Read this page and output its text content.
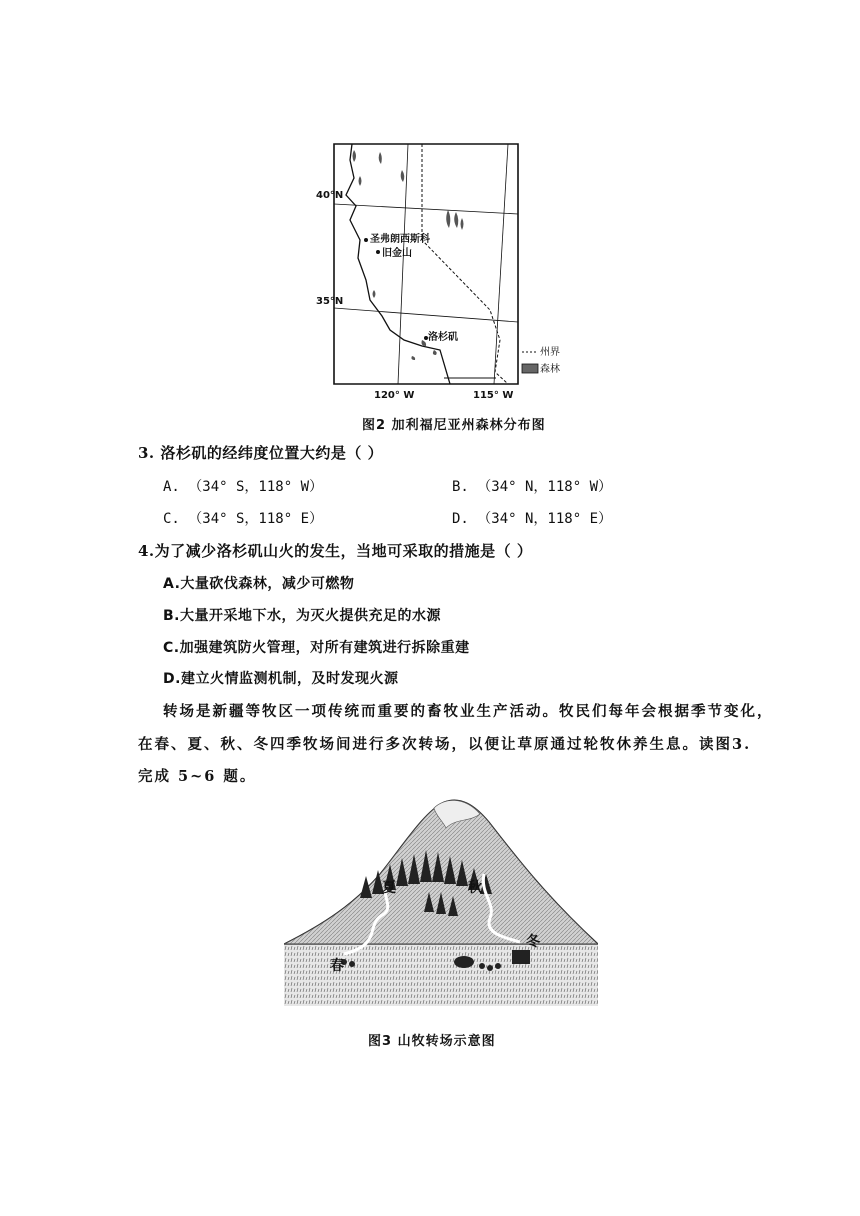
40°N
35°N
120° W	115° W
圣弗朗西斯科
旧金山
洛杉矶
州界
森林
图2 加利福尼亚州森林分布图
3. 洛杉矶的经纬度位置大约是（ ）
A. （34° S，118° W）	B. （34° N，118° W）
C. （34° S，118° E）	D. （34° N，118° E）
4.为了减少洛杉矶山火的发生，当地可采取的措施是（ ）
A.大量砍伐森林，减少可燃物
B.大量开采地下水，为灭火提供充足的水源
C.加强建筑防火管理，对所有建筑进行拆除重建
D.建立火情监测机制，及时发现火源
转场是新疆等牧区一项传统而重要的畜牧业生产活动。牧民们每年会根据季节变化，
在春、夏、秋、冬四季牧场间进行多次转场，以便让草原通过轮牧休养生息。读图3.
完成 5~6 题。
夏	秋
冬
春
图3 山牧转场示意图
